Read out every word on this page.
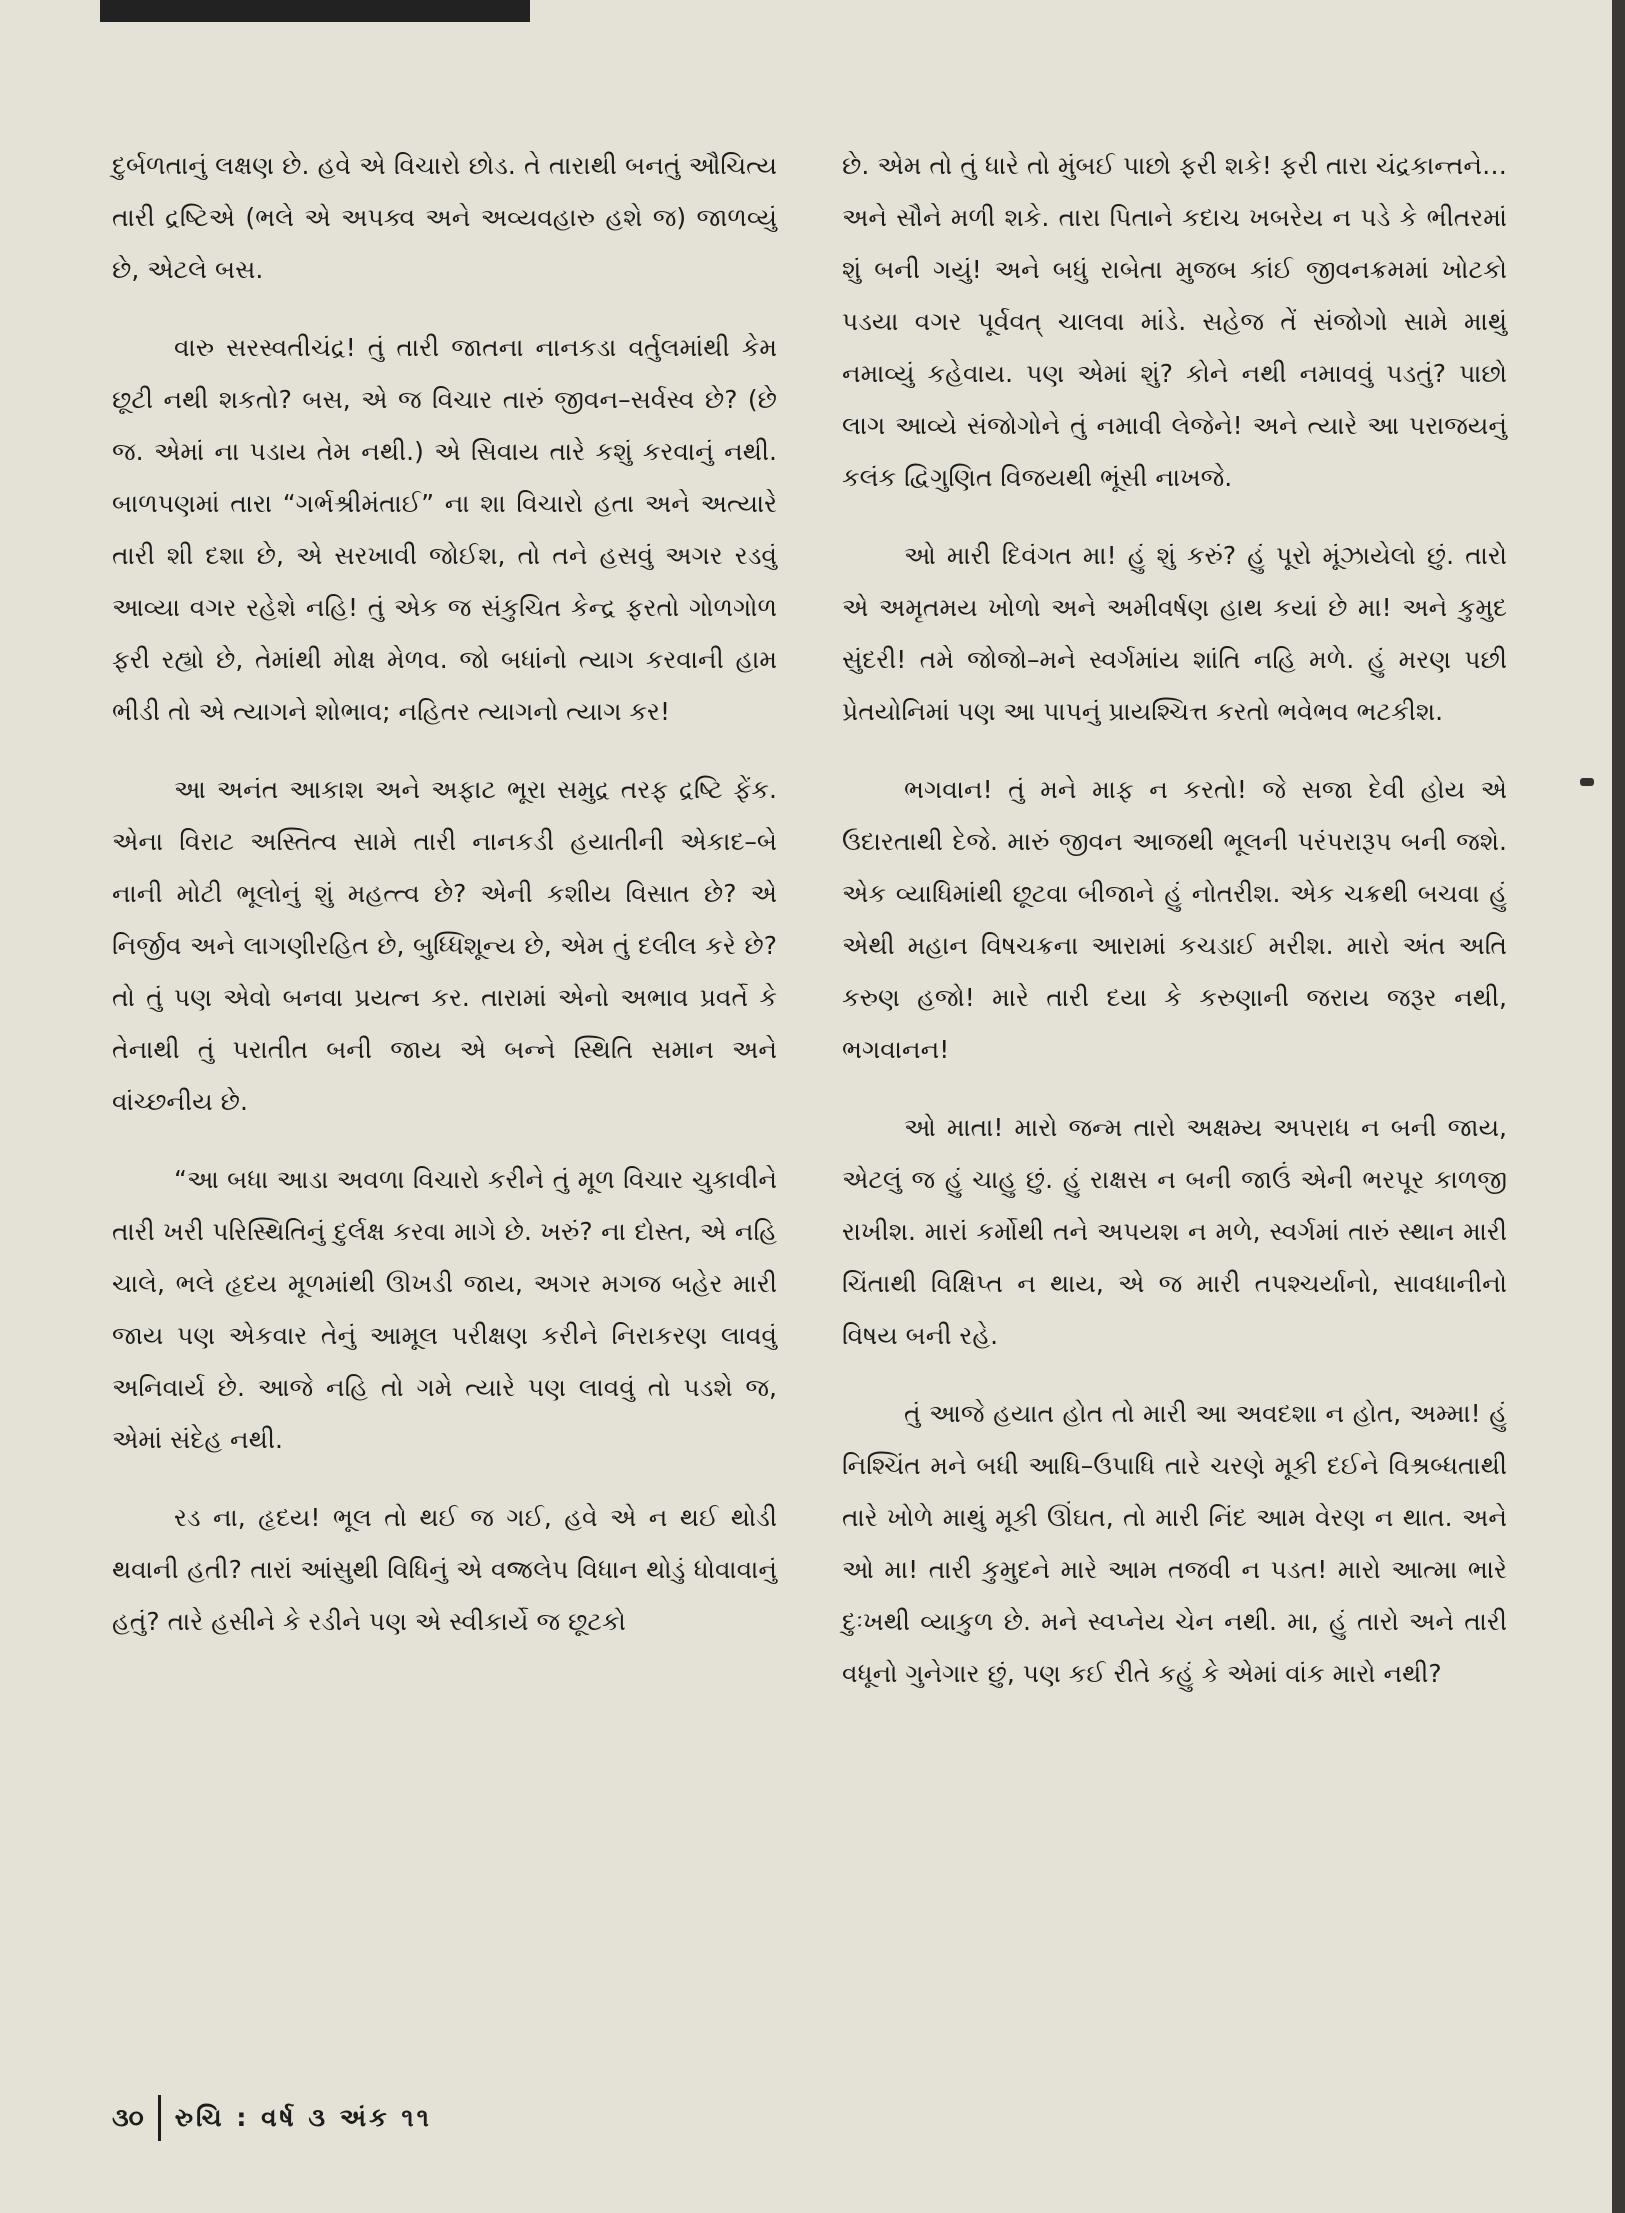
દુર્બળતાનું લક્ષણ છે. હવે એ વિચારો છોડ. તે તારાથી બનતું ઔચિત્ય તારી દ્રષ્ટિએ (ભલે એ અપક્વ અને અવ્યવહારુ હશે જ) જાળવ્યું છે, એટલે બસ.

વારુ સરસ્વતીચંદ્ર! તું તારી જાતના નાનકડા વર્તુલમાંથી કેમ છૂટી નથી શકતો? બસ, એ જ વિચાર તારું જીવન–સર્વસ્વ છે? (છે જ. એમાં ના પડાય તેમ નથી.) એ સિવાય તારે કશું કરવાનું નથી. બાળપણમાં તારા “ગર્ભશ્રીમંતાઈ” ના શા વિચારો હતા અને અત્યારે તારી શી દશા છે, એ સરખાવી જોઈશ, તો તને હસવું અગર રડવું આવ્યા વગર રહેશે નહિ! તું એક જ સંકુચિત કેન્દ્ર ફરતો ગોળગોળ ફરી રહ્યો છે, તેમાંથી મોક્ષ મેળવ. જો બધાંનો ત્યાગ કરવાની હામ ભીડી તો એ ત્યાગને શોભાવ; નહિતર ત્યાગનો ત્યાગ કર!

આ અનંત આકાશ અને અફાટ ભૂરા સમુદ્ર તરફ દ્રષ્ટિ ફેંક. એના વિરાટ અસ્તિત્વ સામે તારી નાનકડી હયાતીની એકાદ–બે નાની મોટી ભૂલોનું શું મહત્ત્વ છે? એની કશીય વિસાત છે? એ નિર્જીવ અને લાગણીરહિત છે, બુધ્ધિશૂન્ય છે, એમ તું દલીલ કરે છે? તો તું પણ એવો બનવા પ્રયત્ન કર. તારામાં એનો અભાવ પ્રવર્તે કે તેનાથી તું પરાતીત બની જાય એ બન્ને સ્થિતિ સમાન અને વાંચ્છનીય છે.

“આ બધા આડા અવળા વિચારો કરીને તું મૂળ વિચાર ચુકાવીને તારી ખરી પરિસ્થિતિનું દુર્લક્ષ કરવા માગે છે. ખરું? ના દોસ્ત, એ નહિ ચાલે, ભલે હૃદય મૂળમાંથી ઊખડી જાય, અગર મગજ બહેર મારી જાય પણ એકવાર તેનું આમૂલ પરીક્ષણ કરીને નિરાકરણ લાવવું અનિવાર્ય છે. આજે નહિ તો ગમે ત્યારે પણ લાવવું તો પડશે જ, એમાં સંદેહ નથી.

રડ ના, હૃદય! ભૂલ તો થઈ જ ગઈ, હવે એ ન થઈ થોડી થવાની હતી? તારાં આંસુથી વિધિનું એ વજ્રલેપ વિધાન થોડું ધોવાવાનું હતું? તારે હસીને કે રડીને પણ એ સ્વીકાર્યે જ છૂટકો

છે. એમ તો તું ધારે તો મુંબઈ પાછો ફરી શકે! ફરી તારા ચંદ્રકાન્તને…અને સૌને મળી શકે. તારા પિતાને કદાચ ખબરેય ન પડે કે ભીતરમાં શું બની ગયું! અને બધું રાબેતા મુજબ કાંઈ જીવનક્રમમાં ખોટકો પડયા વગર પૂર્વવત્ ચાલવા માંડે. સહેજ તેં સંજોગો સામે માથું નમાવ્યું કહેવાય. પણ એમાં શું? કોને નથી નમાવવું પડતું? પાછો લાગ આવ્યે સંજોગોને તું નમાવી લેજેને! અને ત્યારે આ પરાજયનું કલંક દ્વિગુણિત વિજયથી ભૂંસી નાખજે.

ઓ મારી દિવંગત મા! હું શું કરું? હું પૂરો મૂંઝાયેલો છું. તારો એ અમૃતમય ખોળો અને અમીવર્ષણ હાથ કયાં છે મા! અને કુમુદ સુંદરી! તમે જોજો–મને સ્વર્ગમાંય શાંતિ નહિ મળે. હું મરણ પછી પ્રેતયોનિમાં પણ આ પાપનું પ્રાયશ્ચિત્ત કરતો ભવેભવ ભટકીશ.

ભગવાન! તું મને માફ ન કરતો! જે સજા દેવી હોય એ ઉદારતાથી દેજે. મારું જીવન આજથી ભૂલની પરંપરારૂપ બની જશે. એક વ્યાધિમાંથી છૂટવા બીજાને હું નોતરીશ. એક ચક્રથી બચવા હું એથી મહાન વિષચક્રના આરામાં કચડાઈ મરીશ. મારો અંત અતિ કરુણ હજો! મારે તારી દયા કે કરુણાની જરાય જરૂર નથી, ભગવાનન!

ઓ માતા! મારો જન્મ તારો અક્ષમ્ય અપરાધ ન બની જાય, એટલું જ હું ચાહુ છું. હું રાક્ષસ ન બની જાઉં એની ભરપૂર કાળજી રાખીશ. મારાં કર્મોથી તને અપયશ ન મળે, સ્વર્ગમાં તારું સ્થાન મારી ચિંતાથી વિક્ષિપ્ત ન થાય, એ જ મારી તપશ્ચર્યાનો, સાવધાનીનો વિષય બની રહે.

તું આજે હયાત હોત તો મારી આ અવદશા ન હોત, અમ્મા! હું નિશ્ચિંત મને બધી આધિ–ઉપાધિ તારે ચરણે મૂકી દઈને વિશ્રબ્ધતાથી તારે ખોળે માથું મૂકી ઊંઘત, તો મારી નિંદ આમ વેરણ ન થાત. અને ઓ મા! તારી કુમુદને મારે આમ તજવી ન પડત! મારો આત્મા ભારે દુઃખથી વ્યાકુળ છે. મને સ્વપ્નેય ચેન નથી. મા, હું તારો અને તારી વધૂનો ગુનેગાર છું, પણ કઈ રીતે કહું કે એમાં વાંક મારો નથી?

૩૦ રુચિ : વર્ષ ૩ અંક ૧૧
